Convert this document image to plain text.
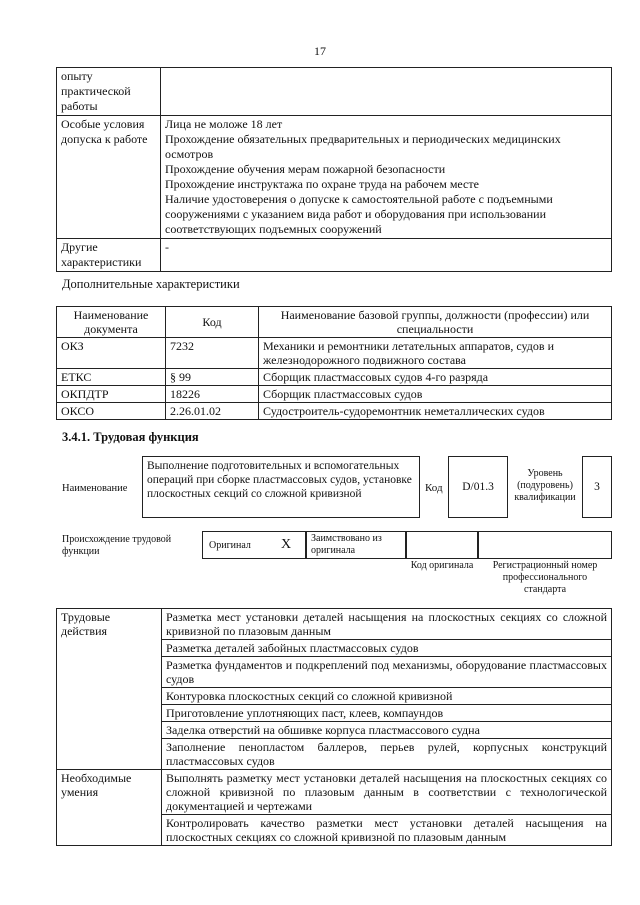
17
опыту практической работы	
Особые условия допуска к работе	Лица не моложе 18 лет

Прохождение обязательных предварительных и периодических медицинских осмотров

Прохождение обучения мерам пожарной безопасности

Прохождение инструктажа по охране труда на рабочем месте

Наличие удостоверения о допуске к самостоятельной работе с подъемными сооружениями с указанием вида работ и оборудования при использовании соответствующих подъемных сооружений

Другие характеристики	-
Дополнительные характеристики
Наименование документа	Код	Наименование базовой группы, должности (профессии) или специальности
ОКЗ	7232	Механики и ремонтники летательных аппаратов, судов и железнодорожного подвижного состава
ЕТКС	§ 99	Сборщик пластмассовых судов 4-го разряда
ОКПДТР	18226	Сборщик пластмассовых судов
ОКСО	2.26.01.02	Судостроитель-судоремонтник неметаллических судов
3.4.1. Трудовая функция
Наименование
Выполнение подготовительных и вспомогательных операций при сборке пластмассовых судов, установке плоскостных секций со сложной кривизной	Код	D/01.3
Уровень (подуровень) квалификации
3
Происхождение трудовой функции
Оригинал X	Заимствовано из оригинала
Код оригинала	Регистрационный номер профессионального стандарта
Трудовые действия	Разметка мест установки деталей насыщения на плоскостных секциях со сложной кривизной по плазовым данным
	Разметка деталей забойных пластмассовых судов
	Разметка фундаментов и подкреплений под механизмы, оборудование пластмассовых судов
	Контуровка плоскостных секций со сложной кривизной
	Приготовление уплотняющих паст, клеев, компаундов
	Заделка отверстий на обшивке корпуса пластмассового судна
	Заполнение пенопластом баллеров, перьев рулей, корпусных конструкций пластмассовых судов
Необходимые умения	Выполнять разметку мест установки деталей насыщения на плоскостных секциях со сложной кривизной по плазовым данным в соответствии с технологической документацией и чертежами
	Контролировать качество разметки мест установки деталей насыщения на плоскостных секциях со сложной кривизной по плазовым данным
